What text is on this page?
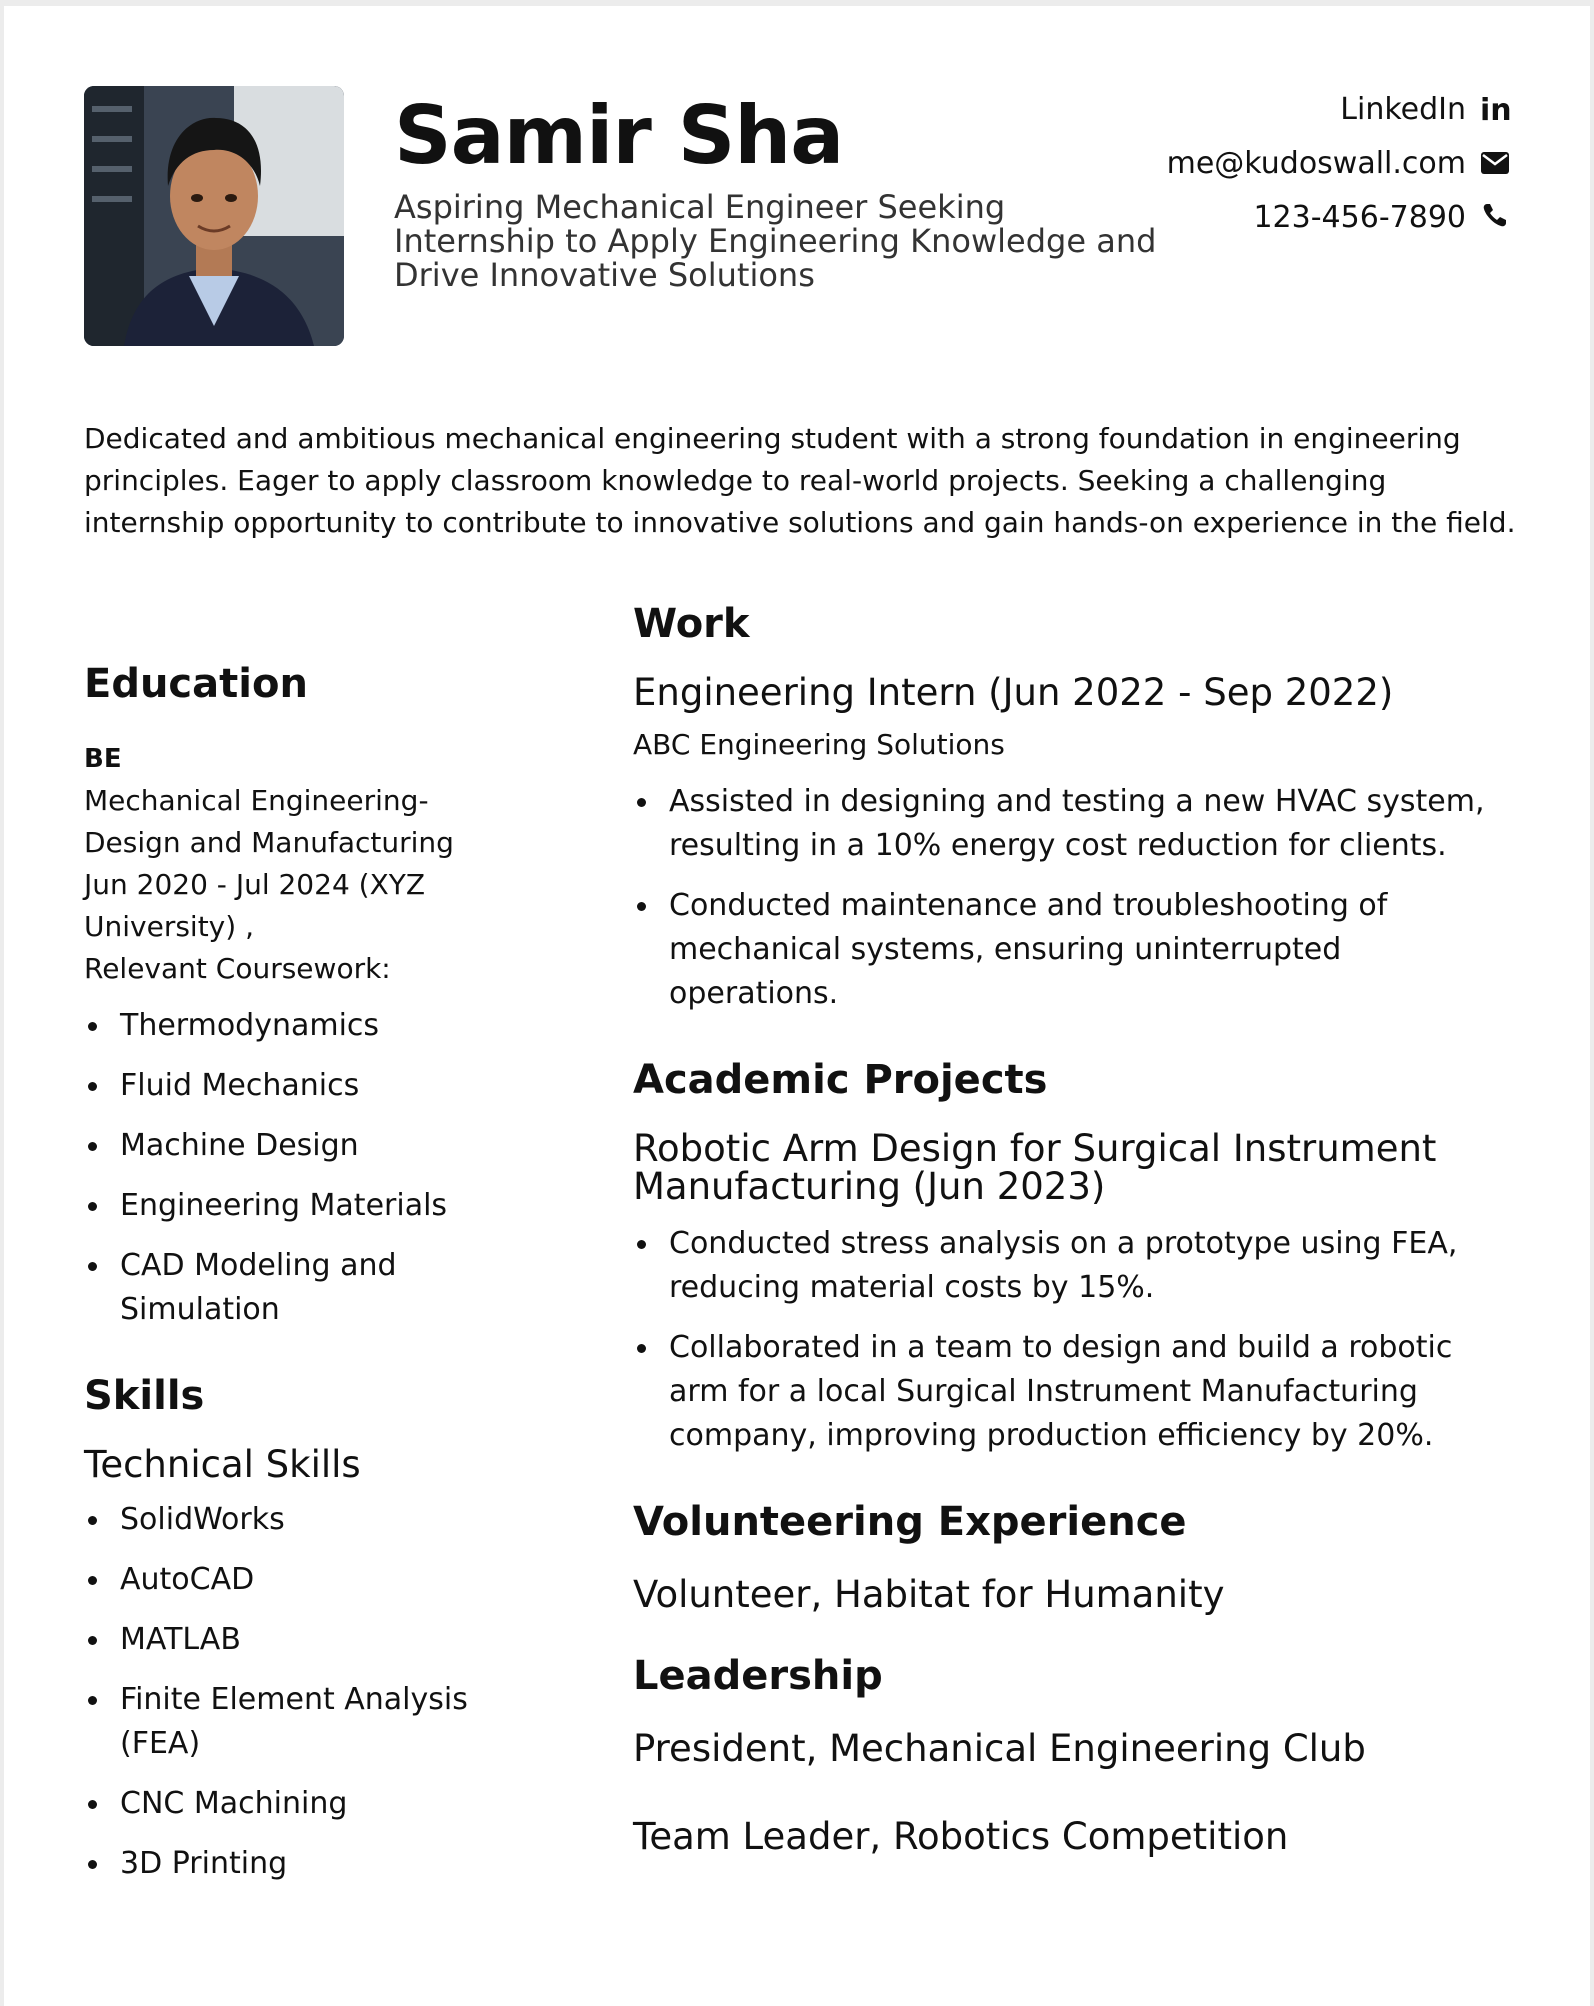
Samir Sha
Aspiring Mechanical Engineer Seeking Internship to Apply Engineering Knowledge and Drive Innovative Solutions
LinkedIn in
me@kudoswall.com
123-456-7890
Dedicated and ambitious mechanical engineering student with a strong foundation in engineering principles. Eager to apply classroom knowledge to real-world projects. Seeking a challenging internship opportunity to contribute to innovative solutions and gain hands-on experience in the field.
Education
BE
Mechanical Engineering-
Design and Manufacturing
Jun 2020 - Jul 2024 (XYZ
University) ,
Relevant Coursework:
Thermodynamics
Fluid Mechanics
Machine Design
Engineering Materials
CAD Modeling and Simulation
Skills
Technical Skills
SolidWorks
AutoCAD
MATLAB
Finite Element Analysis (FEA)
CNC Machining
3D Printing
Work
Engineering Intern (Jun 2022 - Sep 2022)
ABC Engineering Solutions
Assisted in designing and testing a new HVAC system, resulting in a 10% energy cost reduction for clients.
Conducted maintenance and troubleshooting of mechanical systems, ensuring uninterrupted operations.
Academic Projects
Robotic Arm Design for Surgical Instrument Manufacturing (Jun 2023)
Conducted stress analysis on a prototype using FEA, reducing material costs by 15%.
Collaborated in a team to design and build a robotic arm for a local Surgical Instrument Manufacturing company, improving production efficiency by 20%.
Volunteering Experience
Volunteer, Habitat for Humanity
Leadership
President, Mechanical Engineering Club
Team Leader, Robotics Competition
